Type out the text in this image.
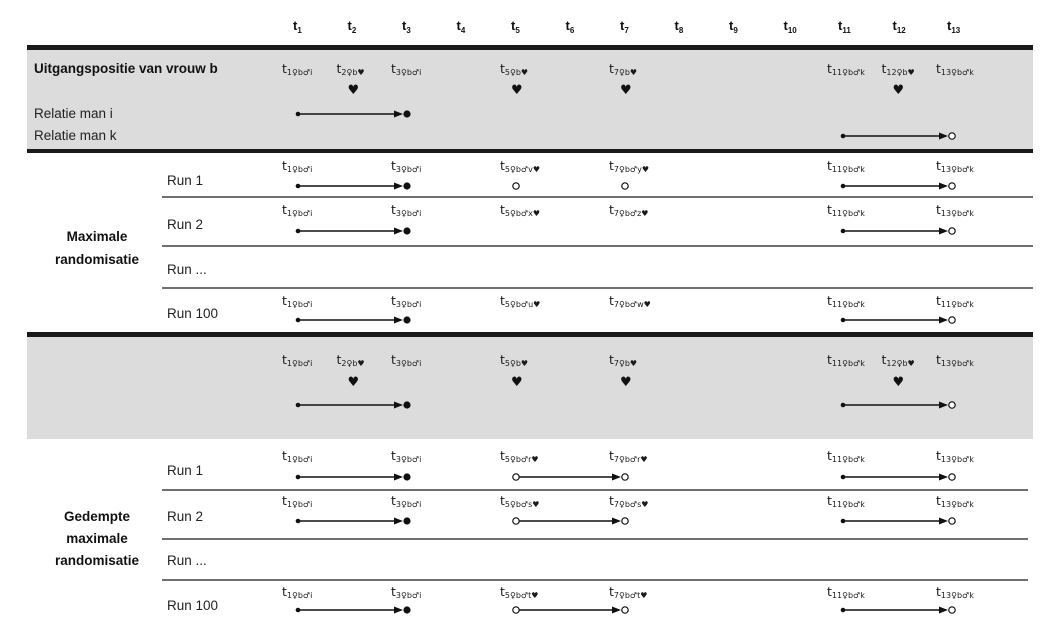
$t_1$	$t_2$	$t_3$	$t_4$	$t_5$	$t_6$	$t_7$	$t_8$	$t_9$	$t_{10}$	$t_{11}$	$t_{12}$	$t_{13}$
Uitgangspositie van vrouw b	t1♀b♂i t2♀b♥ t3♀b♂i	t5♀b♥	t7♀b♥	t11♀b♂k t12♀b♥ t13♀b♂k
♥	♥	♥	♥
Relatie man i
Relatie man k
Maximale
randomisatie
Run 1
t1♀b♂i	t3♀b♂i	t5♀b♂v♥	t7♀b♂y♥	t11♀b♂k	t13♀b♂k
Run 2
t1♀b♂i	t3♀b♂i	t5♀b♂x♥	t7♀b♂z♥	t11♀b♂k	t13♀b♂k
Run ...
Run 100
t1♀b♂i	t3♀b♂i	t5♀b♂u♥	t7♀b♂w♥	t11♀b♂k	t11♀b♂k
t1♀b♂i t2♀b♥ t3♀b♂i	t5♀b♥	t7♀b♥	t11♀b♂k t12♀b♥ t13♀b♂k
♥	♥	♥	♥
Gedempte
maximale
randomisatie
Run 1
t1♀b♂i	t3♀b♂i	t5♀b♂r♥	t7♀b♂r♥	t11♀b♂k	t13♀b♂k
Run 2
t1♀b♂i	t3♀b♂i	t5♀b♂s♥	t7♀b♂s♥	t11♀b♂k	t13♀b♂k
Run ...
Run 100
t1♀b♂i	t3♀b♂i	t5♀b♂t♥	t7♀b♂t♥	t11♀b♂k	t13♀b♂k
